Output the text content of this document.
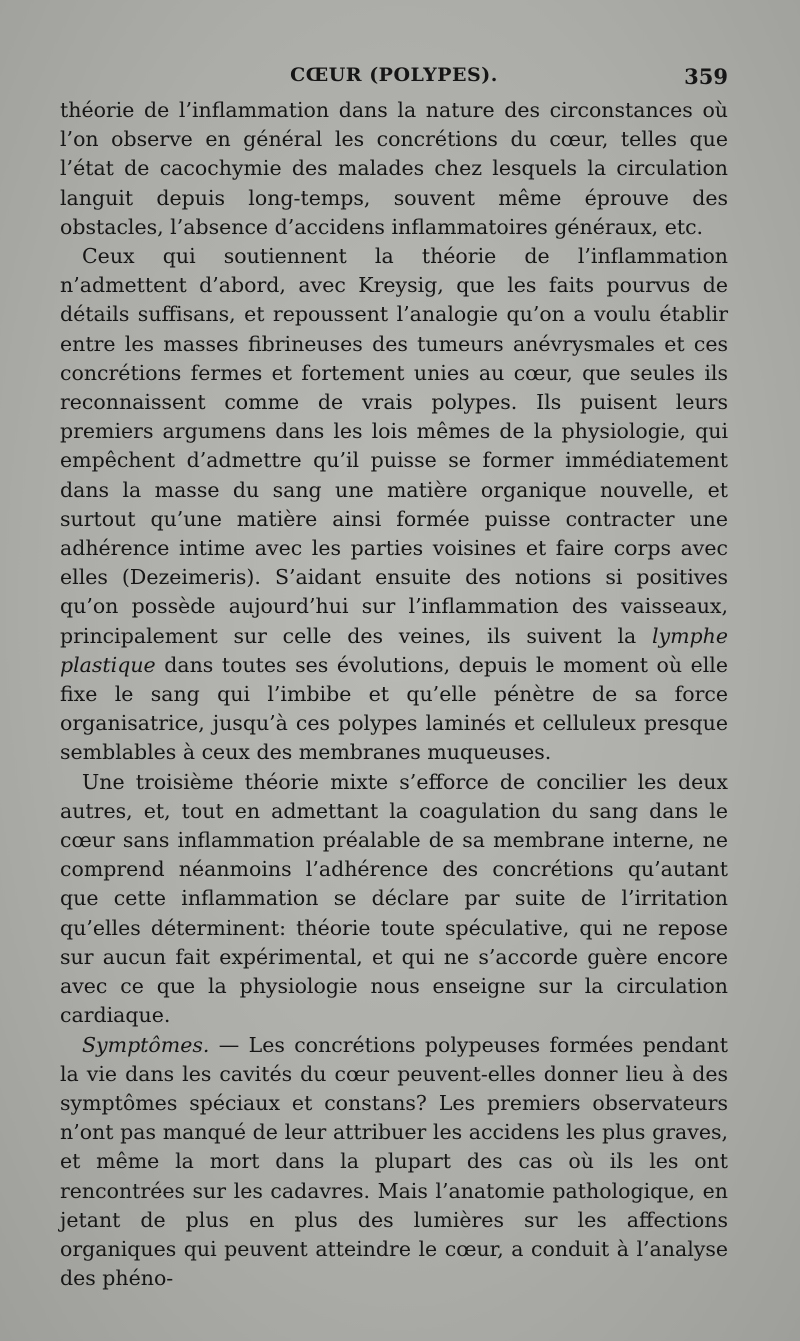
CŒUR (POLYPES).	359

théorie de l’inflammation dans la nature des circonstances où l’on observe en général les concrétions du cœur, telles que l’état de cacochymie des malades chez lesquels la circulation languit depuis long-temps, souvent même éprouve des obstacles, l’absence d’accidens inflammatoires généraux, etc.

Ceux qui soutiennent la théorie de l’inflammation n’admettent d’abord, avec Kreysig, que les faits pourvus de détails suffisans, et repoussent l’analogie qu’on a voulu établir entre les masses fibrineuses des tumeurs anévrysmales et ces concrétions fermes et fortement unies au cœur, que seules ils reconnaissent comme de vrais polypes. Ils puisent leurs premiers argumens dans les lois mêmes de la physiologie, qui empêchent d’admettre qu’il puisse se former immédiatement dans la masse du sang une matière organique nouvelle, et surtout qu’une matière ainsi formée puisse contracter une adhérence intime avec les parties voisines et faire corps avec elles (Dezeimeris). S’aidant ensuite des notions si positives qu’on possède aujourd’hui sur l’inflammation des vaisseaux, principalement sur celle des veines, ils suivent la lymphe plastique dans toutes ses évolutions, depuis le moment où elle fixe le sang qui l’imbibe et qu’elle pénètre de sa force organisatrice, jusqu’à ces polypes laminés et celluleux presque semblables à ceux des membranes muqueuses.

Une troisième théorie mixte s’efforce de concilier les deux autres, et, tout en admettant la coagulation du sang dans le cœur sans inflammation préalable de sa membrane interne, ne comprend néanmoins l’adhérence des concrétions qu’autant que cette inflammation se déclare par suite de l’irritation qu’elles déterminent: théorie toute spéculative, qui ne repose sur aucun fait expérimental, et qui ne s’accorde guère encore avec ce que la physiologie nous enseigne sur la circulation cardiaque.

Symptômes. — Les concrétions polypeuses formées pendant la vie dans les cavités du cœur peuvent-elles donner lieu à des symptômes spéciaux et constans? Les premiers observateurs n’ont pas manqué de leur attribuer les accidens les plus graves, et même la mort dans la plupart des cas où ils les ont rencontrées sur les cadavres. Mais l’anatomie pathologique, en jetant de plus en plus des lumières sur les affections organiques qui peuvent atteindre le cœur, a conduit à l’analyse des phéno-
